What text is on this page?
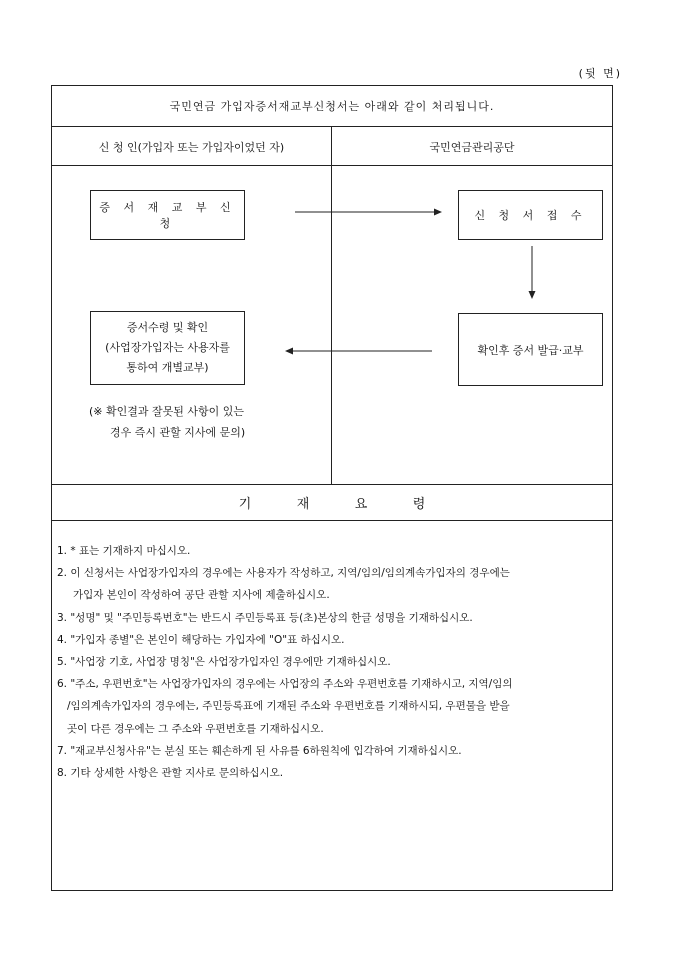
(뒷 면)
국민연금 가입자증서재교부신청서는 아래와 같이 처리됩니다.
신 청 인(가입자 또는 가입자이었던 자)	국민연금관리공단
증 서 재 교 부 신 청
신 청 서 접 수
확인후 증서 발급·교부
증서수령 및 확인
(사업장가입자는 사용자를
통하여 개별교부)
(※ 확인결과 잘못된 사항이 있는
경우 즉시 관할 지사에 문의)
기	재	요	령
1. * 표는 기재하지 마십시오.
2. 이 신청서는 사업장가입자의 경우에는 사용자가 작성하고, 지역/임의/임의계속가입자의 경우에는
가입자 본인이 작성하여 공단 관할 지사에 제출하십시오.
3. "성명" 및 "주민등록번호"는 반드시 주민등록표 등(초)본상의 한글 성명을 기재하십시오.
4. "가입자 종별"은 본인이 해당하는 가입자에 "O"표 하십시오.
5. "사업장 기호, 사업장 명칭"은 사업장가입자인 경우에만 기재하십시오.
6. "주소, 우편번호"는 사업장가입자의 경우에는 사업장의 주소와 우편번호를 기재하시고, 지역/임의
/임의계속가입자의 경우에는, 주민등록표에 기재된 주소와 우편번호를 기재하시되, 우편물을 받을
곳이 다른 경우에는 그 주소와 우편번호를 기재하십시오.
7. "재교부신청사유"는 분실 또는 훼손하게 된 사유를 6하원칙에 입각하여 기재하십시오.
8. 기타 상세한 사항은 관할 지사로 문의하십시오.
